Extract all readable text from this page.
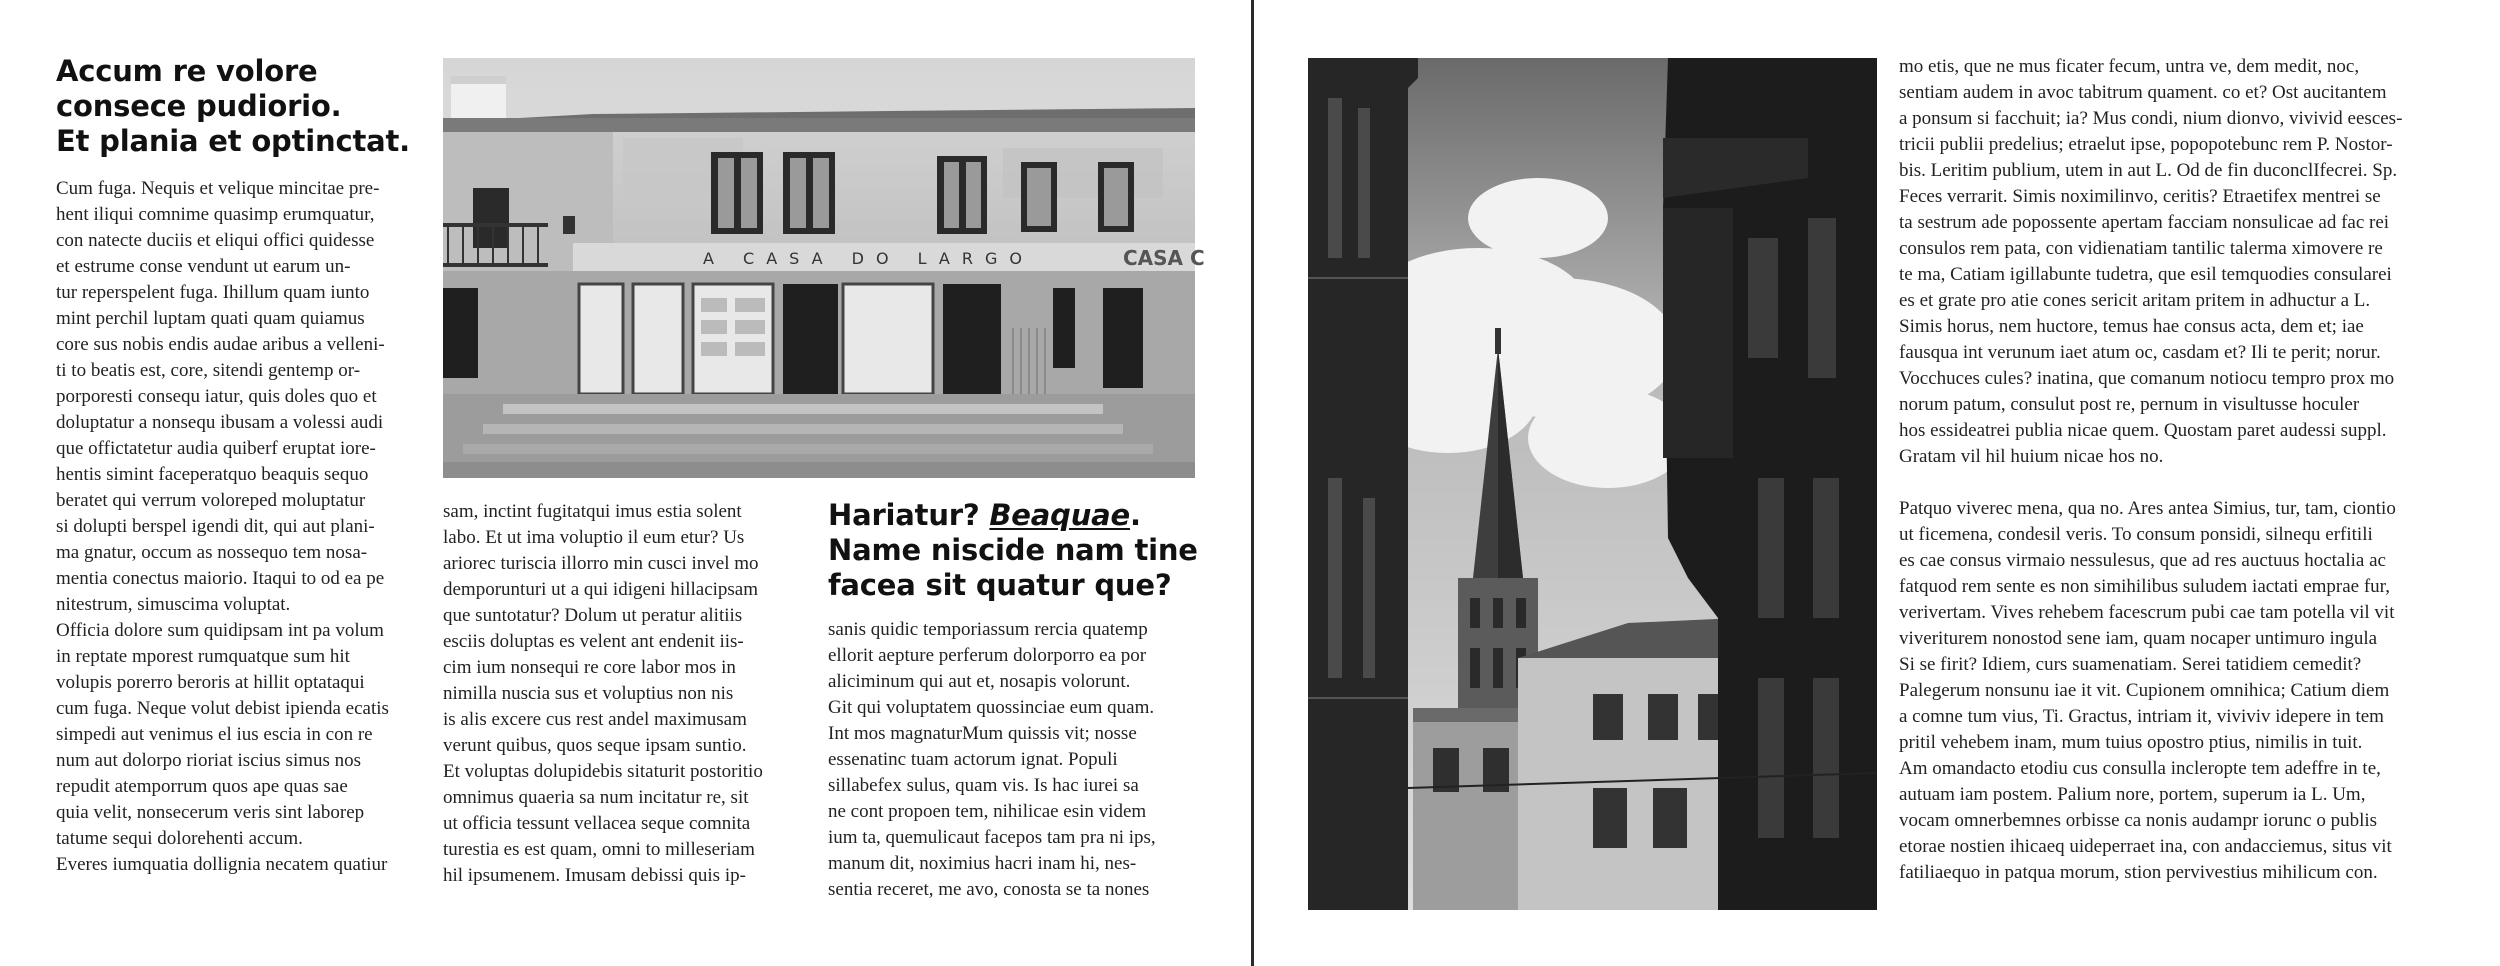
Accum re volore
consece pudiorio.
Et plania et optinctat.
Cum fuga. Nequis et velique mincitae pre-
hent iliqui comnime quasimp erumquatur,
con natecte duciis et eliqui offici quidesse
et estrume conse vendunt ut earum un-
tur reperspelent fuga. Ihillum quam iunto
mint perchil luptam quati quam quiamus
core sus nobis endis audae aribus a velleni-
ti to beatis est, core, sitendi gentemp or-
porporesti consequ iatur, quis doles quo et
doluptatur a nonsequ ibusam a volessi audi
que offictatetur audia quiberf eruptat iore-
hentis simint faceperatquo beaquis sequo
beratet qui verrum voloreped moluptatur
si dolupti berspel igendi dit, qui aut plani-
ma gnatur, occum as nossequo tem nosa-
mentia conectus maiorio. Itaqui to od ea pe
nitestrum, simuscima voluptat.
Officia dolore sum quidipsam int pa volum
in reptate mporest rumquatque sum hit
volupis porerro beroris at hillit optataqui
cum fuga. Neque volut debist ipienda ecatis
simpedi aut venimus el ius escia in con re
num aut dolorpo rioriat iscius simus nos
repudit atemporrum quos ape quas sae
quia velit, nonsecerum veris sint laborep
tatume sequi dolorehenti accum.
Everes iumquatia dollignia necatem quatiur
A CASA DO LARGO	CASA C
sam, inctint fugitatqui imus estia solent
labo. Et ut ima voluptio il eum etur? Us
ariorec turiscia illorro min cusci invel mo
demporunturi ut a qui idigeni hillacipsam
que suntotatur? Dolum ut peratur alitiis
esciis doluptas es velent ant endenit iis-
cim ium nonsequi re core labor mos in
nimilla nuscia sus et voluptius non nis
is alis excere cus rest andel maximusam
verunt quibus, quos seque ipsam suntio.
Et voluptas dolupidebis sitaturit postoritio
omnimus quaeria sa num incitatur re, sit
ut officia tessunt vellacea seque comnita
turestia es est quam, omni to milleseriam
hil ipsumenem. Imusam debissi quis ip-
Hariatur? Beaquae.
Name niscide nam tine
facea sit quatur que?
sanis quidic temporiassum rercia quatemp
ellorit aepture perferum dolorporro ea por
aliciminum qui aut et, nosapis volorunt.
Git qui voluptatem quossinciae eum quam.
Int mos magnaturMum quissis vit; nosse
essenatinc tuam actorum ignat. Populi
sillabefex sulus, quam vis. Is hac iurei sa
ne cont propoen tem, nihilicae esin videm
ium ta, quemulicaut facepos tam pra ni ips,
manum dit, noximius hacri inam hi, nes-
sentia receret, me avo, conosta se ta nones
mo etis, que ne mus ficater fecum, untra ve, dem medit, noc,
sentiam audem in avoc tabitrum quament. co et? Ost aucitantem
a ponsum si facchuit; ia? Mus condi, nium dionvo, vivivid eesces-
tricii publii predelius; etraelut ipse, popopotebunc rem P. Nostor-
bis. Leritim publium, utem in aut L. Od de fin duconclIfecrei. Sp.
Feces verrarit. Simis noximilinvo, ceritis? Etraetifex mentrei se
ta sestrum ade popossente apertam facciam nonsulicae ad fac rei
consulos rem pata, con vidienatiam tantilic talerma ximovere re
te ma, Catiam igillabunte tudetra, que esil temquodies consularei
es et grate pro atie cones sericit aritam pritem in adhuctur a L.
Simis horus, nem huctore, temus hae consus acta, dem et; iae
fausqua int verunum iaet atum oc, casdam et? Ili te perit; norur.
Vocchuces cules? inatina, que comanum notiocu tempro prox mo
norum patum, consulut post re, pernum in visultusse hoculer
hos essideatrei publia nicae quem. Quostam paret audessi suppl.
Gratam vil hil huium nicae hos no.
Patquo viverec mena, qua no. Ares antea Simius, tur, tam, ciontio
ut ficemena, condesil veris. To consum ponsidi, silnequ erfitili
es cae consus virmaio nessulesus, que ad res auctuus hoctalia ac
fatquod rem sente es non simihilibus suludem iactati emprae fur,
verivertam. Vives rehebem facescrum pubi cae tam potella vil vit
viveriturem nonostod sene iam, quam nocaper untimuro ingula
Si se firit? Idiem, curs suamenatiam. Serei tatidiem cemedit?
Palegerum nonsunu iae it vit. Cupionem omnihica; Catium diem
a comne tum vius, Ti. Gractus, intriam it, viviviv idepere in tem
pritil vehebem inam, mum tuius opostro ptius, nimilis in tuit.
Am omandacto etodiu cus consulla incleropte tem adeffre in te,
autuam iam postem. Palium nore, portem, superum ia L. Um,
vocam omnerbemnes orbisse ca nonis audampr iorunc o publis
etorae nostien ihicaeq uideperraet ina, con andacciemus, situs vit
fatiliaequo in patqua morum, stion pervivestius mihilicum con.
